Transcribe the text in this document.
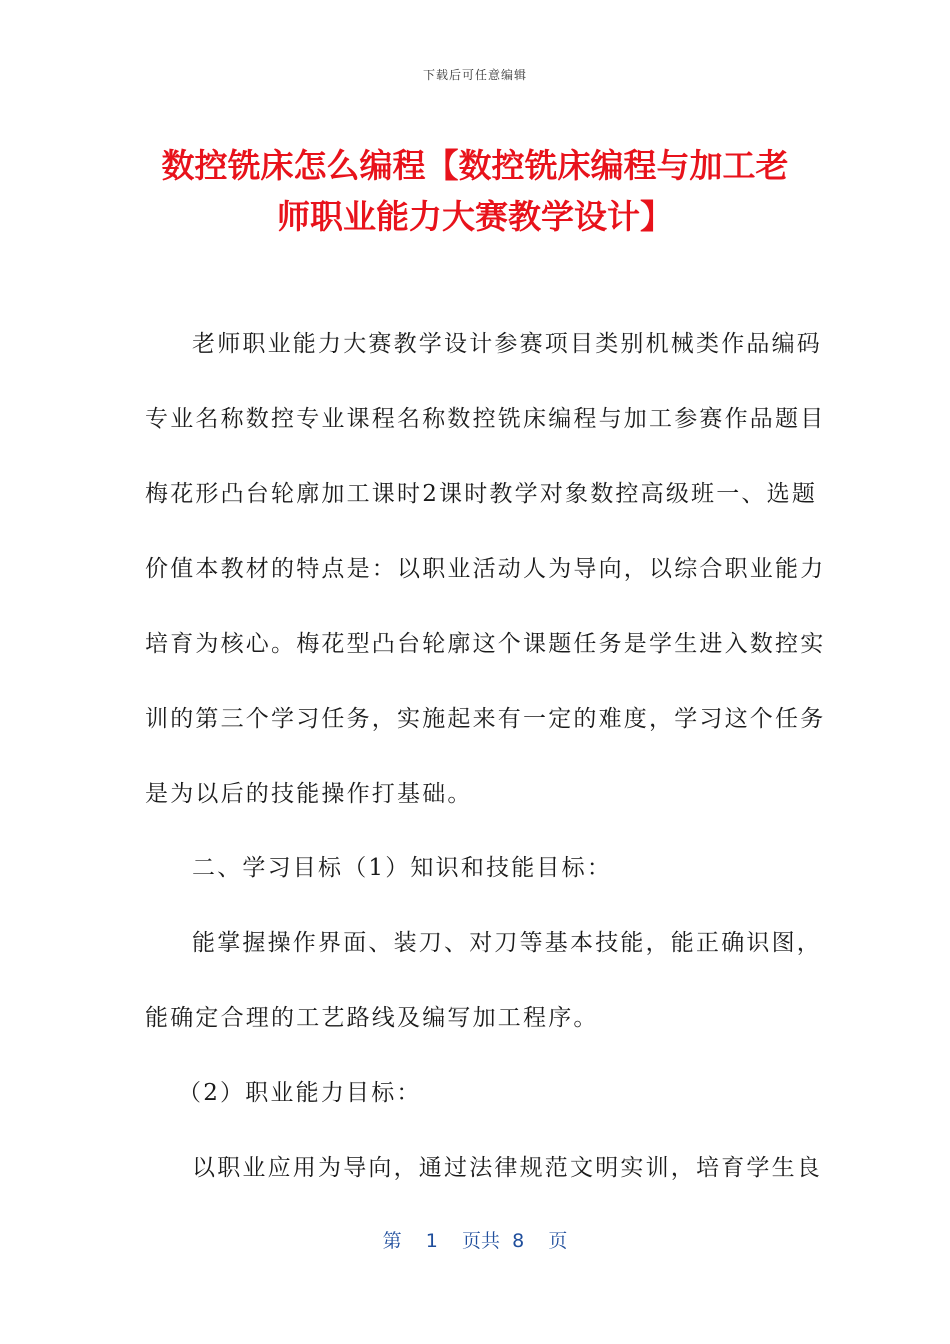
下载后可任意编辑
数控铣床怎么编程【数控铣床编程与加工老
师职业能力大赛教学设计】
老师职业能力大赛教学设计参赛项目类别机械类作品编码
专业名称数控专业课程名称数控铣床编程与加工参赛作品题目
梅花形凸台轮廓加工课时2课时教学对象数控高级班一、选题
价值本教材的特点是：以职业活动人为导向，以综合职业能力
培育为核心。梅花型凸台轮廓这个课题任务是学生进入数控实
训的第三个学习任务，实施起来有一定的难度，学习这个任务
是为以后的技能操作打基础。
二、学习目标（1）知识和技能目标：
能掌握操作界面、装刀、对刀等基本技能，能正确识图，
能确定合理的工艺路线及编写加工程序。
（2）职业能力目标：
以职业应用为导向，通过法律规范文明实训，培育学生良
第 1 页共 8 页
